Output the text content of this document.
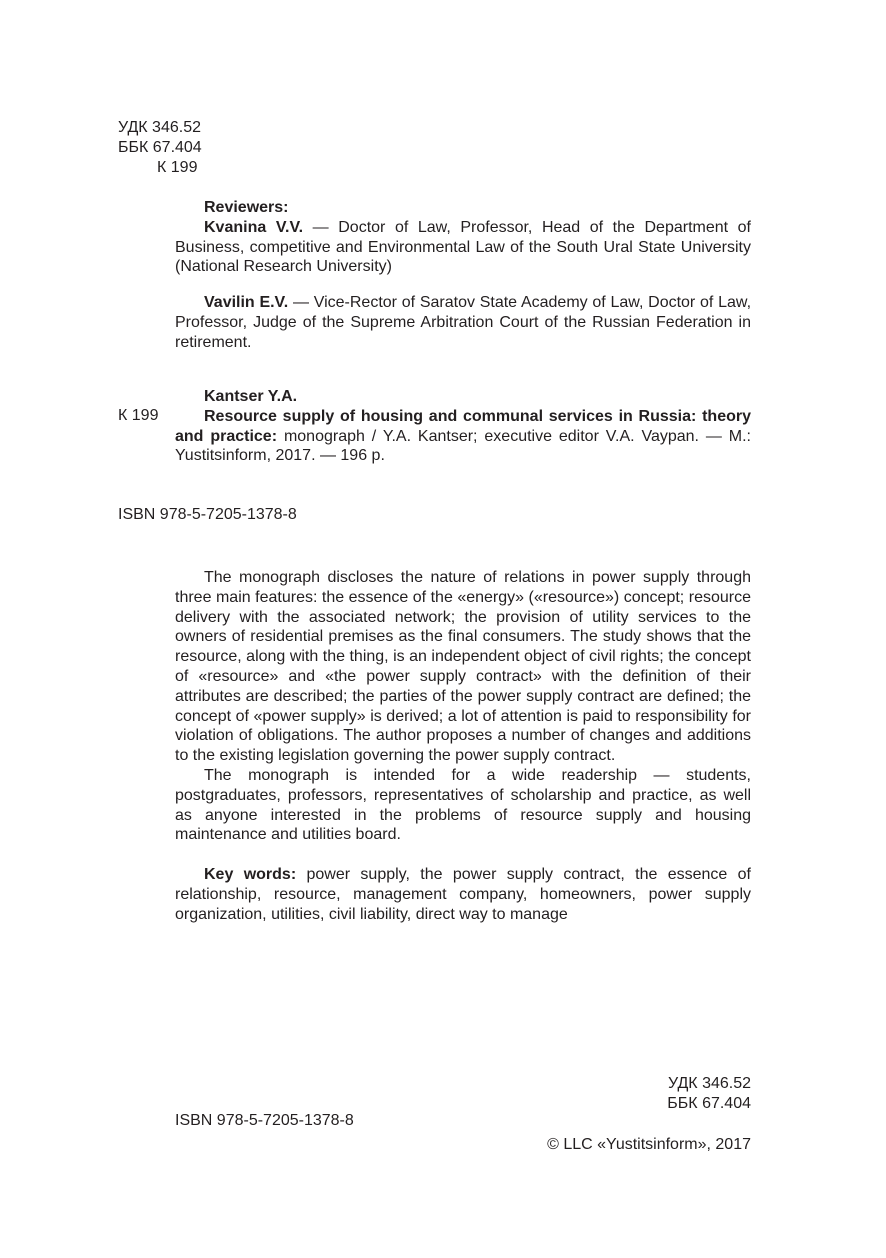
УДК 346.52
ББК 67.404
К 199

Reviewers:

Kvanina V.V. — Doctor of Law, Professor, Head of the Department of Business, competitive and Environmental Law of the South Ural State University (National Research University)

Vavilin E.V. — Vice-Rector of Saratov State Academy of Law, Doctor of Law, Professor, Judge of the Supreme Arbitration Court of the Russian Federation in retirement.

Kantser Y.A.

Resource supply of housing and communal services in Russia: theory and practice: monograph / Y.A. Kantser; executive editor V.A. Vaypan. — M.: Yustitsinform, 2017. — 196 p.

К 199
ISBN 978-5-7205-1378-8

The monograph discloses the nature of relations in power supply through three main features: the essence of the «energy» («resource») concept; resource delivery with the associated network; the provision of utility services to the owners of residential premises as the final consumers. The study shows that the resource, along with the thing, is an independent object of civil rights; the concept of «resource» and «the power supply contract» with the definition of their attributes are described; the parties of the power supply contract are defined; the concept of «power supply» is derived; a lot of attention is paid to responsibility for violation of obligations. The author proposes a number of changes and additions to the existing legislation governing the power supply contract.

The monograph is intended for a wide readership — students, postgraduates, professors, representatives of scholarship and practice, as well as anyone interested in the problems of resource supply and housing maintenance and utilities board.

Key words: power supply, the power supply contract, the essence of relationship, resource, management company, homeowners, power supply organization, utilities, civil liability, direct way to manage

УДК 346.52
ББК 67.404
ISBN 978-5-7205-1378-8
© LLC «Yustitsinform», 2017
